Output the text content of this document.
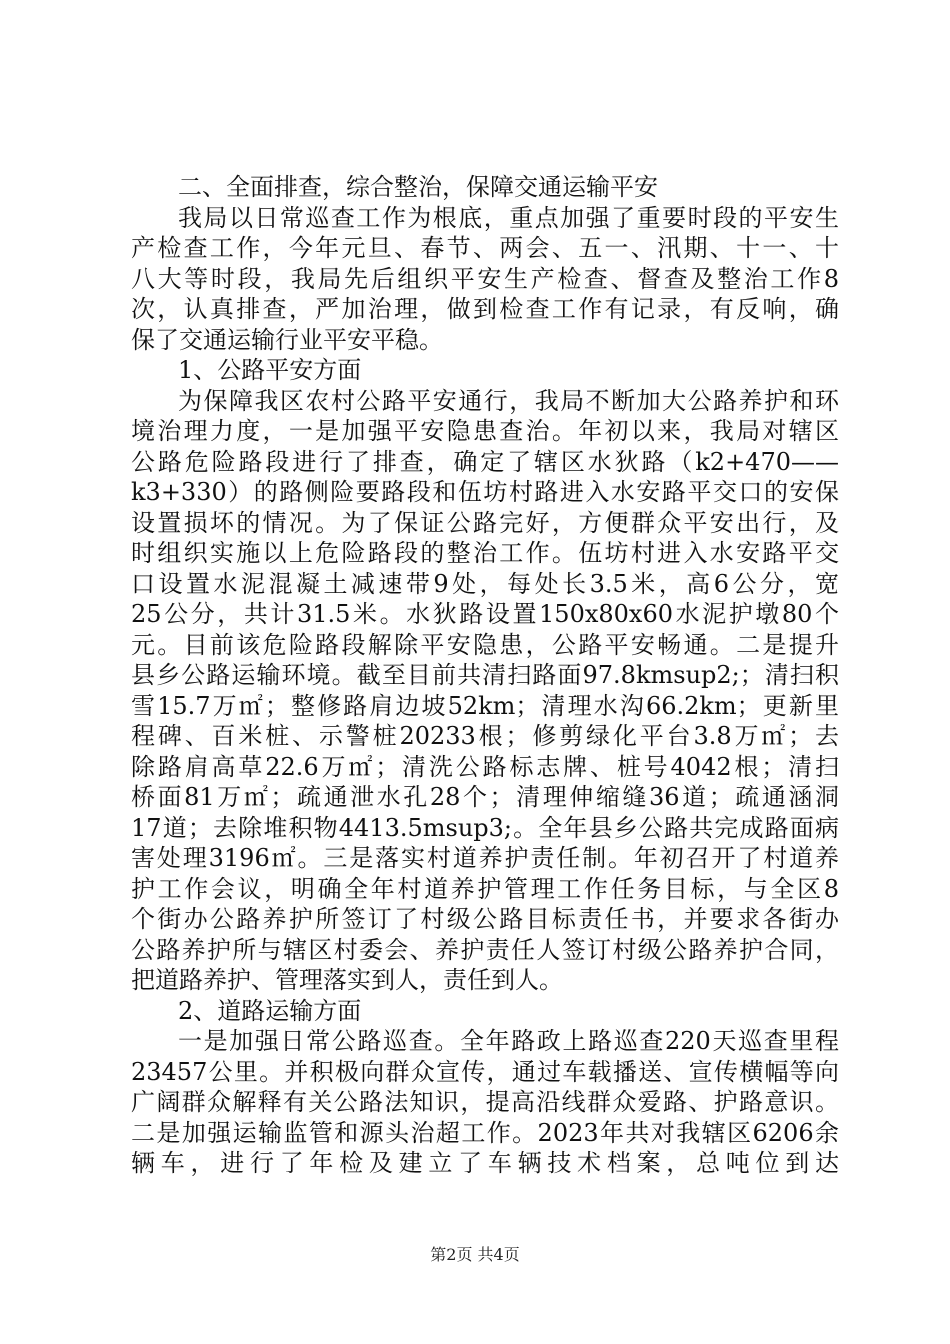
二、全面排查，综合整治，保障交通运输平安
我局以日常巡查工作为根底，重点加强了重要时段的平安生
产检查工作，今年元旦、春节、两会、五一、汛期、十一、十
八大等时段，我局先后组织平安生产检查、督查及整治工作8
次，认真排查，严加治理，做到检查工作有记录，有反响，确
保了交通运输行业平安平稳。
1、公路平安方面
为保障我区农村公路平安通行，我局不断加大公路养护和环
境治理力度，一是加强平安隐患查治。年初以来，我局对辖区
公路危险路段进行了排查，确定了辖区水狄路（k2+470——
k3+330）的路侧险要路段和伍坊村路进入水安路平交口的安保
设置损坏的情况。为了保证公路完好，方便群众平安出行，及
时组织实施以上危险路段的整治工作。伍坊村进入水安路平交
口设置水泥混凝土减速带9处，每处长3.5米，高6公分，宽
25公分，共计31.5米。水狄路设置150x80x60水泥护墩80个
元。目前该危险路段解除平安隐患，公路平安畅通。二是提升
县乡公路运输环境。截至目前共清扫路面97.8kmsup2;；清扫积
雪15.7万㎡；整修路肩边坡52km；清理水沟66.2km；更新里
程碑、百米桩、示警桩20233根；修剪绿化平台3.8万㎡；去
除路肩高草22.6万㎡；清洗公路标志牌、桩号4042根；清扫
桥面81万㎡；疏通泄水孔28个；清理伸缩缝36道；疏通涵洞
17道；去除堆积物4413.5msup3;。全年县乡公路共完成路面病
害处理3196㎡。三是落实村道养护责任制。年初召开了村道养
护工作会议，明确全年村道养护管理工作任务目标，与全区8
个街办公路养护所签订了村级公路目标责任书，并要求各街办
公路养护所与辖区村委会、养护责任人签订村级公路养护合同，
把道路养护、管理落实到人，责任到人。
2、道路运输方面
一是加强日常公路巡查。全年路政上路巡查220天巡查里程
23457公里。并积极向群众宣传，通过车载播送、宣传横幅等向
广阔群众解释有关公路法知识，提高沿线群众爱路、护路意识。
二是加强运输监管和源头治超工作。2023年共对我辖区6206余
辆车，进行了年检及建立了车辆技术档案，总吨位到达
第2页 共4页
